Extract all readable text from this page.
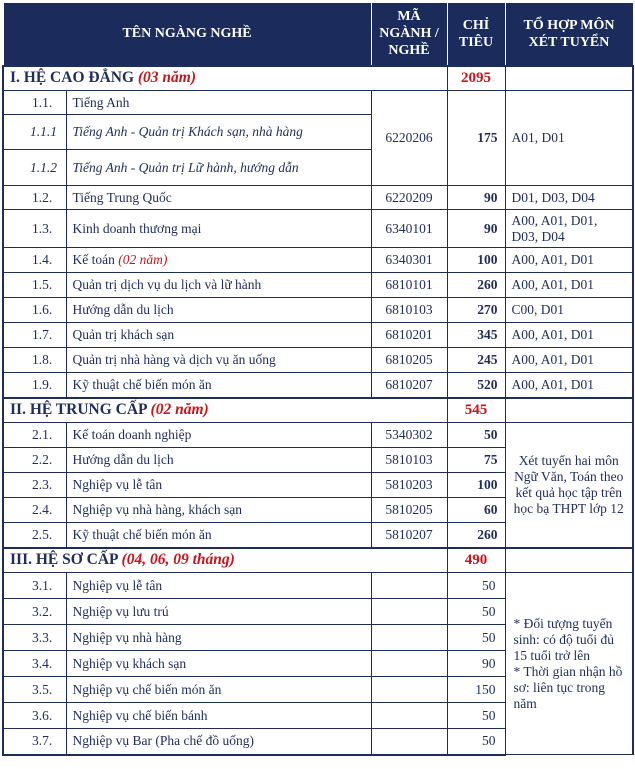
TÊN NGÀNG NGHỀ		MÃ NGÀNH / NGHỀ	CHỈ TIÊU	TỔ HỢP MÔN XÉT TUYỂN
I. HỆ CAO ĐẲNG (03 năm)			2095	
1.1.	Tiếng Anh	6220206	175	A01, D01
1.1.1	Tiếng Anh - Quản trị Khách sạn, nhà hàng			
1.1.2	Tiếng Anh - Quản trị Lữ hành, hướng dẫn			
1.2.	Tiếng Trung Quốc	6220209	90	D01, D03, D04
1.3.	Kinh doanh thương mại	6340101	90	A00, A01, D01, D03, D04
1.4.	Kế toán (02 năm)	6340301	100	A00, A01, D01
1.5.	Quản trị dịch vụ du lịch và lữ hành	6810101	260	A00, A01, D01
1.6.	Hướng dẫn du lịch	6810103	270	C00, D01
1.7.	Quản trị khách sạn	6810201	345	A00, A01, D01
1.8.	Quản trị nhà hàng và dịch vụ ăn uống	6810205	245	A00, A01, D01
1.9.	Kỹ thuật chế biến món ăn	6810207	520	A00, A01, D01
II. HỆ TRUNG CẤP (02 năm)			545	
2.1.	Kế toán doanh nghiệp	5340302	50	Xét tuyển hai môn Ngữ Văn, Toán theo kết quả học tập trên học bạ THPT lớp 12
2.2.	Hướng dẫn du lịch	5810103	75	
2.3.	Nghiệp vụ lễ tân	5810203	100	
2.4.	Nghiệp vụ nhà hàng, khách sạn	5810205	60	
2.5.	Kỹ thuật chế biến món ăn	5810207	260	
III. HỆ SƠ CẤP (04, 06, 09 tháng)			490	
3.1.	Nghiệp vụ lễ tân		50	* Đối tượng tuyển sinh: có độ tuổi đủ 15 tuổi trở lên
* Thời gian nhận hồ sơ: liên tục trong năm
3.2.	Nghiệp vụ lưu trú		50	
3.3.	Nghiệp vụ nhà hàng		50	
3.4.	Nghiệp vụ khách sạn		90	
3.5.	Nghiệp vụ chế biến món ăn		150	
3.6.	Nghiệp vụ chế biến bánh		50	
3.7.	Nghiệp vụ Bar (Pha chế đồ uống)		50	
